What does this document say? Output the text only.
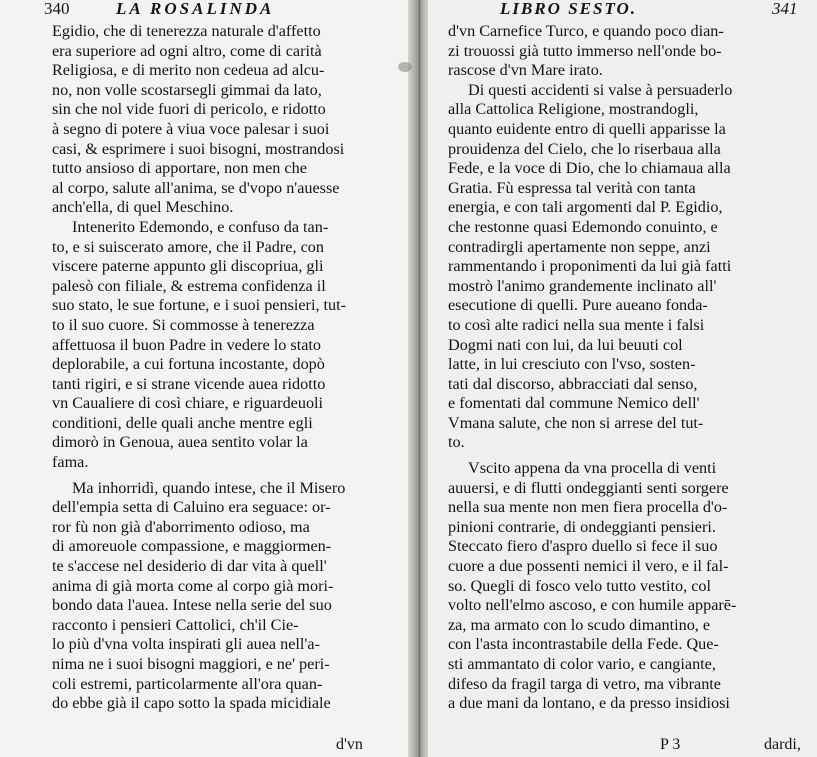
340	LA ROSALINDA
Egidio, che di tenerezza naturale d'affetto
era superiore ad ogni altro, come di carità
Religiosa, e di merito non cedeua ad alcu-
no, non volle scostarsegli gimmai da lato,
sin che nol vide fuori di pericolo, e ridotto
à segno di potere à viua voce palesar i suoi
casi, & esprimere i suoi bisogni, mostrandosi
tutto ansioso di apportare, non men che
al corpo, salute all'anima, se d'vopo n'auesse
anch'ella, di quel Meschino.
Intenerito Edemondo, e confuso da tan-
to, e si suiscerato amore, che il Padre, con
viscere paterne appunto gli discopriua, gli
palesò con filiale, & estrema confidenza il
suo stato, le sue fortune, e i suoi pensieri, tut-
to il suo cuore. Si commosse à tenerezza
affettuosa il buon Padre in vedere lo stato
deplorabile, a cui fortuna incostante, dopò
tanti rigiri, e si strane vicende auea ridotto
vn Caualiere di così chiare, e riguardeuoli
conditioni, delle quali anche mentre egli
dimorò in Genoua, auea sentito volar la
fama.
Ma inhorridì, quando intese, che il Misero
dell'empia setta di Caluino era seguace: or-
ror fù non già d'aborrimento odioso, ma
di amoreuole compassione, e maggiormen-
te s'accese nel desiderio di dar vita à quell'
anima di già morta come al corpo già mori-
bondo data l'auea. Intese nella serie del suo
racconto i pensieri Cattolici, ch'il Cie-
lo più d'vna volta inspirati gli auea nell'a-
nima ne i suoi bisogni maggiori, e ne' peri-
coli estremi, particolarmente all'ora quan-
do ebbe già il capo sotto la spada micidiale
d'vn
LIBRO SESTO.	341
d'vn Carnefice Turco, e quando poco dian-
zi trouossi già tutto immerso nell'onde bo-
rascose d'vn Mare irato.
Di questi accidenti si valse à persuaderlo
alla Cattolica Religione, mostrandogli,
quanto euidente entro di quelli apparisse la
prouidenza del Cielo, che lo riserbaua alla
Fede, e la voce di Dio, che lo chiamaua alla
Gratia. Fù espressa tal verità con tanta
energia, e con tali argomenti dal P. Egidio,
che restonne quasi Edemondo conuinto, e
contradirgli apertamente non seppe, anzi
rammentando i proponimenti da lui già fatti
mostrò l'animo grandemente inclinato all'
esecutione di quelli. Pure aueano fonda-
to così alte radici nella sua mente i falsi
Dogmi nati con lui, da lui beuuti col
latte, in lui cresciuto con l'vso, sosten-
tati dal discorso, abbracciati dal senso,
e fomentati dal commune Nemico dell'
Vmana salute, che non si arrese del tut-
to.
Vscito appena da vna procella di venti
auuersi, e di flutti ondeggianti senti sorgere
nella sua mente non men fiera procella d'o-
pinioni contrarie, di ondeggianti pensieri.
Steccato fiero d'aspro duello si fece il suo
cuore a due possenti nemici il vero, e il fal-
so. Quegli di fosco velo tutto vestito, col
volto nell'elmo ascoso, e con humile apparē-
za, ma armato con lo scudo dimantino, e
con l'asta incontrastabile della Fede. Que-
sti ammantato di color vario, e cangiante,
difeso da fragil targa di vetro, ma vibrante
a due mani da lontano, e da presso insidiosi
P 3	dardi,
